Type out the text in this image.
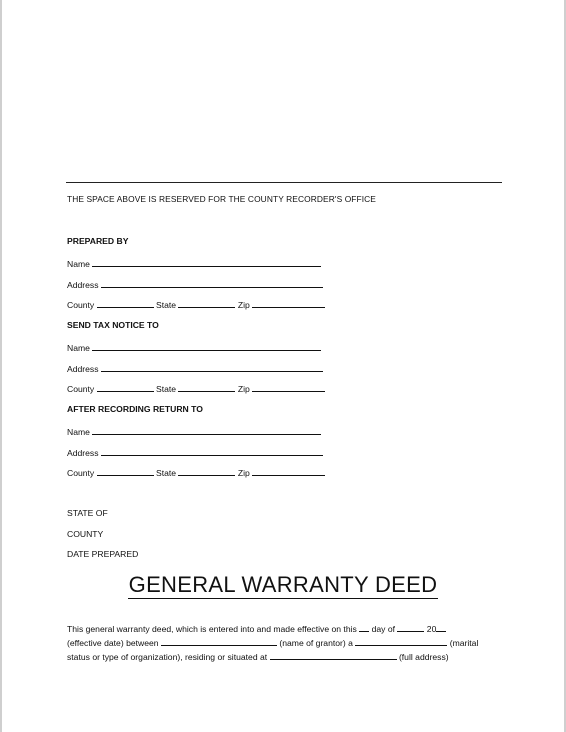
THE SPACE ABOVE IS RESERVED FOR THE COUNTY RECORDER'S OFFICE
PREPARED BY
Name
Address
County	State	Zip
SEND TAX NOTICE TO
Name
Address
County	State	Zip
AFTER RECORDING RETURN TO
Name
Address
County	State	Zip
STATE OF
COUNTY
DATE PREPARED
GENERAL WARRANTY DEED
This general warranty deed, which is entered into and made effective on this day of	20
(effective date) between	(name of grantor) a	(marital
status or type of organization), residing or situated at	(full address)
